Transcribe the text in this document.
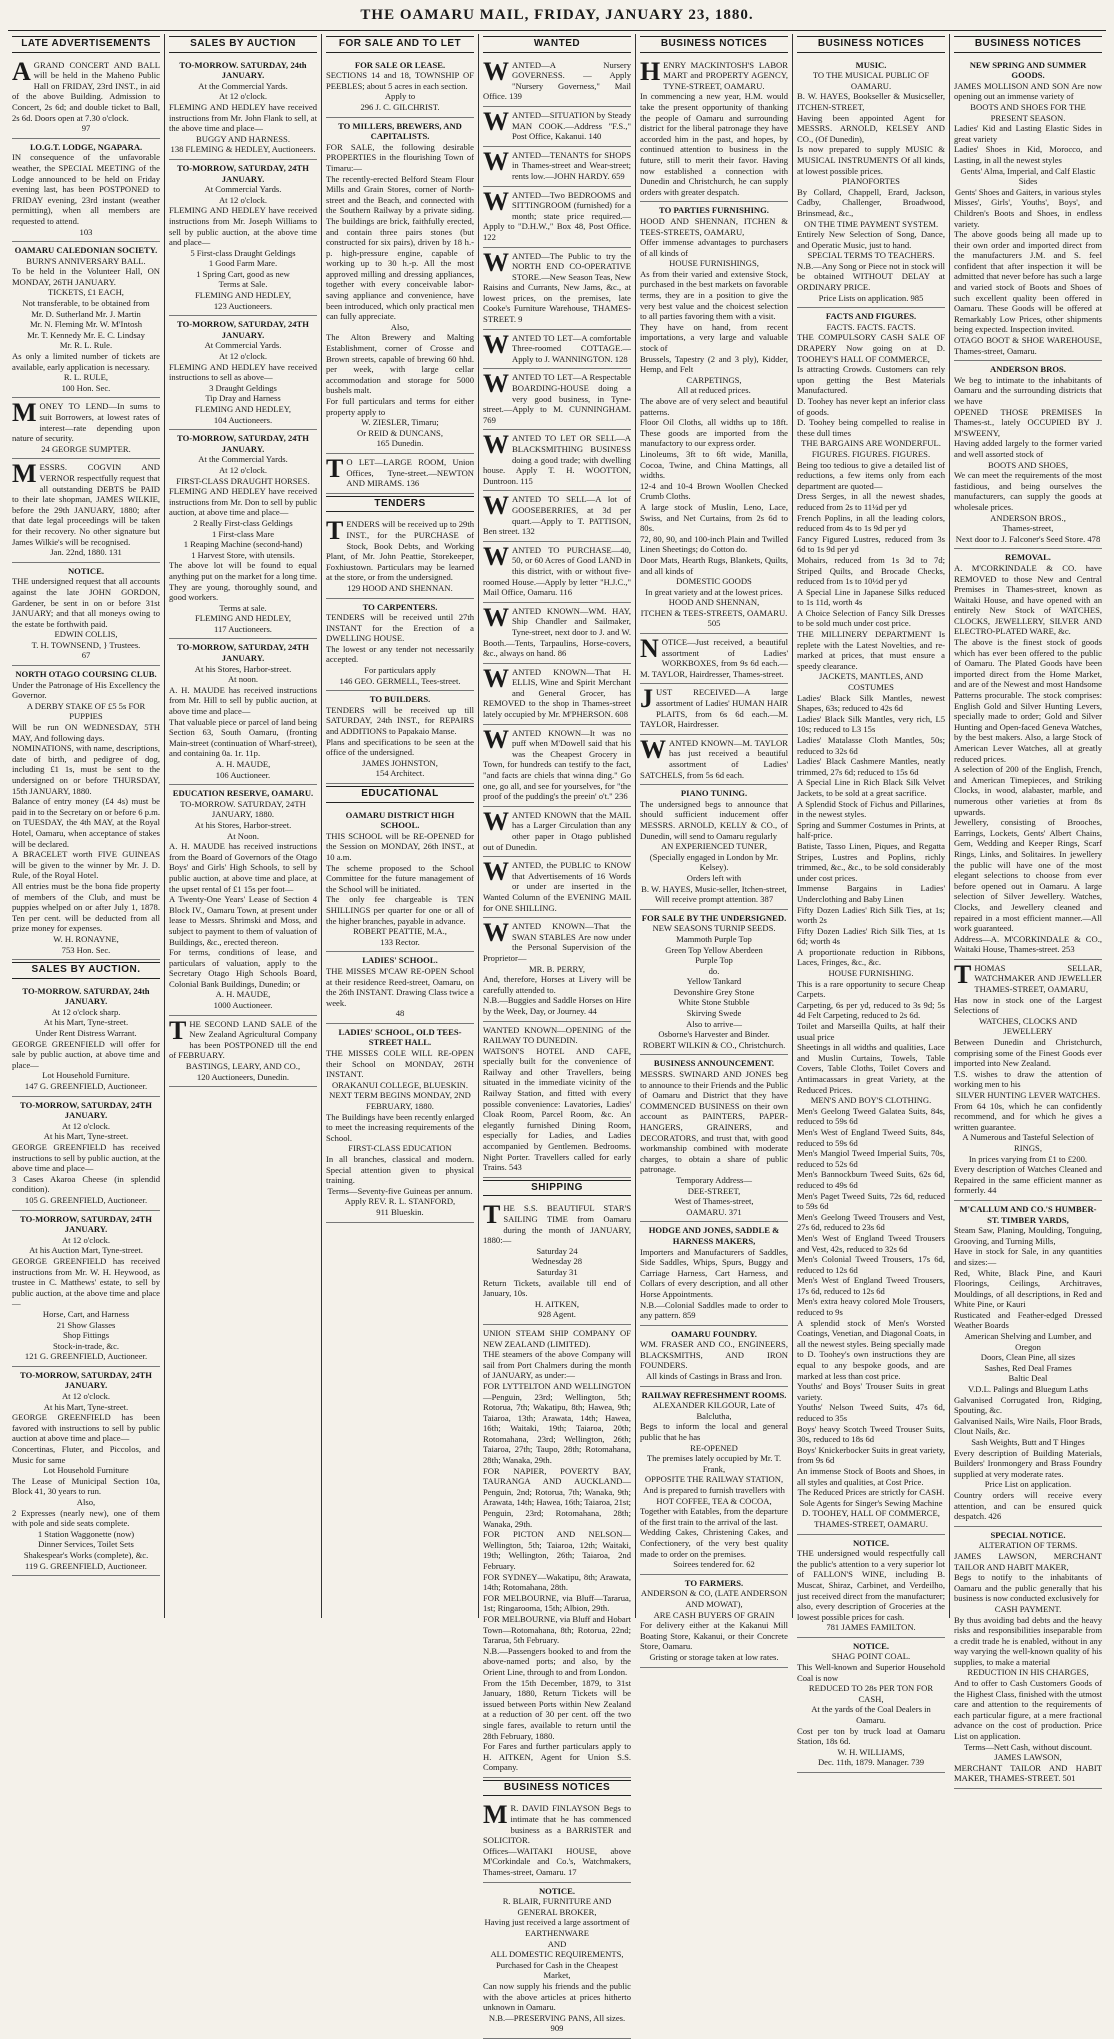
THE OAMARU MAIL, FRIDAY, JANUARY 23, 1880.
LATE ADVERTISEMENTS

A GRAND CONCERT AND BALL will be held in the Maheno Public Hall on FRIDAY, 23rd INST., in aid of the above Building. Admission to Concert, 2s 6d; and double ticket to Ball, 2s 6d. Doors open at 7.30 o'clock.

97

I.O.G.T. LODGE, NGAPARA.

IN consequence of the unfavorable weather, the SPECIAL MEETING of the Lodge announced to be held on Friday evening last, has been POSTPONED to FRIDAY evening, 23rd instant (weather permitting), when all members are requested to attend.

103

OAMARU CALEDONIAN SOCIETY.

BURN'S ANNIVERSARY BALL.

To be held in the Volunteer Hall, ON MONDAY, 26TH JANUARY.

TICKETS, £1 EACH,

Not transferable, to be obtained from

Mr. D. Sutherland Mr. J. Martin

Mr. N. Fleming Mr. W. M'Intosh

Mr. T. Kennedy Mr. E. C. Lindsay

Mr. R. L. Rule.

As only a limited number of tickets are available, early application is necessary.

R. L. RULE,

100 Hon. Sec.

MONEY TO LEND—In sums to suit Borrowers, at lowest rates of interest—rate depending upon nature of security.

24 GEORGE SUMPTER.

MESSRS. COGVIN AND VERNOR respectfully request that all outstanding DEBTS be PAID to their late shopman, JAMES WILKIE, before the 29th JANUARY, 1880; after that date legal proceedings will be taken for their recovery. No other signature but James Wilkie's will be recognised.

Jan. 22nd, 1880. 131

NOTICE.

THE undersigned request that all accounts against the late JOHN GORDON, Gardener, be sent in on or before 31st JANUARY; and that all moneys owing to the estate be forthwith paid.

EDWIN COLLIS,

T. H. TOWNSEND, } Trustees.

67

NORTH OTAGO COURSING CLUB.

Under the Patronage of His Excellency the Governor.

A DERBY STAKE OF £5 5s FOR PUPPIES

Will be run ON WEDNESDAY, 5TH MAY, And following days.

NOMINATIONS, with name, descriptions, date of birth, and pedigree of dog, including £1 1s, must be sent to the undersigned on or before THURSDAY, 15th JANUARY, 1880.

Balance of entry money (£4 4s) must be paid in to the Secretary on or before 6 p.m. on TUESDAY, the 4th MAY, at the Royal Hotel, Oamaru, when acceptance of stakes will be declared.

A BRACELET worth FIVE GUINEAS will be given to the winner by Mr. J. D. Rule, of the Royal Hotel.

All entries must be the bona fide property of members of the Club, and must be puppies whelped on or after July 1, 1878. Ten per cent. will be deducted from all prize money for expenses.

W. H. RONAYNE,

753 Hon. Sec.

SALES BY AUCTION.

TO-MORROW. SATURDAY, 24th JANUARY.

At 12 o'clock sharp.

At his Mart, Tyne-street.

Under Rent Distress Warrant.

GEORGE GREENFIELD will offer for sale by public auction, at above time and place—

Lot Household Furniture.

147 G. GREENFIELD, Auctioneer.

TO-MORROW, SATURDAY, 24TH JANUARY.

At 12 o'clock.

At his Mart, Tyne-street.

GEORGE GREENFIELD has received instructions to sell by public auction, at the above time and place—

3 Cases Akaroa Cheese (in splendid condition).

105 G. GREENFIELD, Auctioneer.

TO-MORROW, SATURDAY, 24TH JANUARY.

At 12 o'clock.

At his Auction Mart, Tyne-street.

GEORGE GREENFIELD has received instructions from Mr. W. H. Heywood, as trustee in C. Matthews' estate, to sell by public auction, at the above time and place—

Horse, Cart, and Harness

21 Show Glasses

Shop Fittings

Stock-in-trade, &c.

121 G. GREENFIELD, Auctioneer.

TO-MORROW, SATURDAY, 24TH JANUARY.

At 12 o'clock.

At his Mart, Tyne-street.

GEORGE GREENFIELD has been favored with instructions to sell by public auction at above time and place—

Concertinas, Fluter, and Piccolos, and Music for same

Lot Household Furniture

The Lease of Municipal Section 10a, Block 41, 30 years to run.

Also,

2 Expresses (nearly new), one of them with pole and side seats complete.

1 Station Waggonette (now)

Dinner Services, Toilet Sets

Shakespear's Works (complete), &c.

119 G. GREENFIELD, Auctioneer.

SALES BY AUCTION

TO-MORROW. SATURDAY, 24th JANUARY.

At the Commercial Yards.

At 12 o'clock.

FLEMING AND HEDLEY have received instructions from Mr. John Flank to sell, at the above time and place—

BUGGY AND HARNESS.

138 FLEMING & HEDLEY, Auctioneers.

TO-MORROW, SATURDAY, 24TH JANUARY.

At Commercial Yards.

At 12 o'clock.

FLEMING AND HEDLEY have received instructions from Mr. Joseph Williams to sell by public auction, at the above time and place—

5 First-class Draught Geldings

1 Good Farm Mare.

1 Spring Cart, good as new

Terms at Sale.

FLEMING AND HEDLEY,

123 Auctioneers.

TO-MORROW, SATURDAY, 24TH JANUARY.

At Commercial Yards.

At 12 o'clock.

FLEMING AND HEDLEY have received instructions to sell as above—

3 Draught Geldings

Tip Dray and Harness

FLEMING AND HEDLEY,

104 Auctioneers.

TO-MORROW, SATURDAY, 24TH JANUARY.

At the Commercial Yards.

At 12 o'clock.

FIRST-CLASS DRAUGHT HORSES.

FLEMING AND HEDLEY have received instructions from Mr. Don to sell by public auction, at above time and place—

2 Really First-class Geldings

1 First-class Mare

1 Reaping Machine (second-hand)

1 Harvest Store, with utensils.

The above lot will be found to equal anything put on the market for a long time. They are young, thoroughly sound, and good workers.

Terms at sale.

FLEMING AND HEDLEY,

117 Auctioneers.

TO-MORROW, SATURDAY, 24TH JANUARY.

At his Stores, Harbor-street.

At noon.

A. H. MAUDE has received instructions from Mr. Hill to sell by public auction, at above time and place—

That valuable piece or parcel of land being Section 63, South Oamaru, (fronting Main-street (continuation of Wharf-street), and containing 0a. 1r. 11p.

A. H. MAUDE,

106 Auctioneer.

EDUCATION RESERVE, OAMARU.

TO-MORROW. SATURDAY, 24TH JANUARY, 1880.

At his Stores, Harbor-street.

At Noon.

A. H. MAUDE has received instructions from the Board of Governors of the Otago Boys' and Girls' High Schools, to sell by public auction, at above time and place, at the upset rental of £1 15s per foot—

A Twenty-One Years' Lease of Section 4 Block IV., Oamaru Town, at present under lease to Messrs. Shrimski and Moss, and subject to payment to them of valuation of Buildings, &c., erected thereon.

For terms, conditions of lease, and particulars of valuation, apply to the Secretary Otago High Schools Board, Colonial Bank Buildings, Dunedin; or

A. H. MAUDE,

1000 Auctioneer.

THE SECOND LAND SALE of the New Zealand Agricultural Company has been POSTPONED till the end of FEBRUARY.

BASTINGS, LEARY, AND CO.,

120 Auctioneers, Dunedin.

FOR SALE AND TO LET

FOR SALE OR LEASE.

SECTIONS 14 and 18, TOWNSHIP OF PEEBLES; about 5 acres in each section.

Apply to

296 J. C. GILCHRIST.

TO MILLERS, BREWERS, AND CAPITALISTS.

FOR SALE, the following desirable PROPERTIES in the flourishing Town of Timaru:—

The recently-erected Belford Steam Flour Mills and Grain Stores, corner of North-street and the Beach, and connected with the Southern Railway by a private siding. The buildings are brick, faithfully erected, and contain three pairs stones (but constructed for six pairs), driven by 18 h.-p. high-pressure engine, capable of working up to 30 h.-p. All the most approved milling and dressing appliances, together with every conceivable labor-saving appliance and convenience, have been introduced, which only practical men can fully appreciate.

Also,

The Alton Brewery and Malting Establishment, corner of Crosse and Brown streets, capable of brewing 60 hhd. per week, with large cellar accommodation and storage for 5000 bushels malt.

For full particulars and terms for either property apply to

W. ZIESLER, Timaru;

Or REID & DUNCANS,

165 Dunedin.

T O LET—LARGE ROOM, Union Offices, Tyne-street.—NEWTON AND MIRAMS. 136

TENDERS

TENDERS will be received up to 29th INST., for the PURCHASE of Stock, Book Debts, and Working Plant, of Mr. John Peattie, Storekeeper, Foxhiustown. Particulars may be learned at the store, or from the undersigned.

129 HOOD AND SHENNAN.

TO CARPENTERS.

TENDERS will be received until 27th INSTANT for the Erection of a DWELLING HOUSE.

The lowest or any tender not necessarily accepted.

For particulars apply

146 GEO. GERMELL, Tees-street.

TO BUILDERS.

TENDERS will be received up till SATURDAY, 24th INST., for REPAIRS and ADDITIONS to Papakaio Manse.

Plans and specifications to be seen at the office of the undersigned.

JAMES JOHNSTON,

154 Architect.

EDUCATIONAL

OAMARU DISTRICT HIGH SCHOOL.

THIS SCHOOL will be RE-OPENED for the Session on MONDAY, 26th INST., at 10 a.m.

The scheme proposed to the School Committee for the future management of the School will be initiated.

The only fee chargeable is TEN SHILLINGS per quarter for one or all of the higher branches, payable in advance.

ROBERT PEATTIE, M.A.,

133 Rector.

LADIES' SCHOOL.

THE MISSES M'CAW RE-OPEN School at their residence Reed-street, Oamaru, on the 26th INSTANT. Drawing Class twice a week.

48

LADIES' SCHOOL, OLD TEES-STREET HALL.

THE MISSES COLE WILL RE-OPEN their School on MONDAY, 26TH INSTANT.

ORAKANUI COLLEGE, BLUESKIN.

NEXT TERM BEGINS MONDAY, 2ND FEBRUARY, 1880.

The Buildings have been recently enlarged to meet the increasing requirements of the School.

FIRST-CLASS EDUCATION

In all branches, classical and modern. Special attention given to physical training.

Terms—Seventy-five Guineas per annum.

Apply REV. R. L. STANFORD,

911 Blueskin.

WANTED

WANTED—A Nursery GOVERNESS. — Apply "Nursery Governess," Mail Office. 139

WANTED—SITUATION by Steady MAN COOK.—Address "F.S.," Post Office, Kakanui. 140

WANTED—TENANTS for SHOPS in Thames-street and Wear-street; rents low.—JOHN HARDY. 659

WANTED—Two BEDROOMS and SITTINGROOM (furnished) for a month; state price required.—Apply to "D.H.W.," Box 48, Post Office. 122

WANTED—The Public to try the NORTH END CO-OPERATIVE STORE.—New Season Teas, New Raisins and Currants, New Jams, &c., at lowest prices, on the premises, late Cooke's Furniture Warehouse, THAMES-STREET. 9

WANTED TO LET—A comfortable Three-roomed COTTAGE.—Apply to J. WANNINGTON. 128

WANTED TO LET—A Respectable BOARDING-HOUSE doing a very good business, in Tyne-street.—Apply to M. CUNNINGHAM. 769

WANTED TO LET OR SELL—A BLACKSMITHING BUSINESS doing a good trade; with dwelling house. Apply T. H. WOOTTON, Duntroon. 115

WANTED TO SELL—A lot of GOOSEBERRIES, at 3d per quart.—Apply to T. PATTISON, Ben street. 132

WANTED TO PURCHASE—40, 50, or 60 Acres of Good LAND in this district, with or without five-roomed House.—Apply by letter "H.J.C.," Mail Office, Oamaru. 116

WANTED KNOWN—WM. HAY, Ship Chandler and Sailmaker, Tyne-street, next door to J. and W. Booth.—Tents, Tarpaulins, Horse-covers, &c., always on hand. 86

WANTED KNOWN—That H. ELLIS, Wine and Spirit Merchant and General Grocer, has REMOVED to the shop in Thames-street lately occupied by Mr. M'PHERSON. 608

WANTED KNOWN—It was no puff when M'Dowell said that his was the Cheapest Grocery in Town, for hundreds can testify to the fact, "and facts are chiels that winna ding." Go one, go all, and see for yourselves, for "the proof of the pudding's the preein' o't." 236

WANTED KNOWN that the MAIL has a Larger Circulation than any other paper in Otago published out of Dunedin.

WANTED, the PUBLIC to KNOW that Advertisements of 16 Words or under are inserted in the Wanted Column of the EVENING MAIL for ONE SHILLING.

WANTED KNOWN—That the SWAN STABLES Are now under the Personal Supervision of the Proprietor—

MR. B. PERRY,

And, therefore, Horses at Livery will be carefully attended to.

N.B.—Buggies and Saddle Horses on Hire by the Week, Day, or Journey. 44

WANTED KNOWN—OPENING of the RAILWAY TO DUNEDIN.

WATSON'S HOTEL AND CAFE, specially built for the convenience of Railway and other Travellers, being situated in the immediate vicinity of the Railway Station, and fitted with every possible convenience: Lavatories, Ladies' Cloak Room, Parcel Room, &c. An elegantly furnished Dining Room, especially for Ladies, and Ladies accompanied by Gentlemen. Bedrooms. Night Porter. Travellers called for early Trains. 543

SHIPPING

THE S.S. BEAUTIFUL STAR'S SAILING TIME from Oamaru during the month of JANUARY, 1880:—

Saturday 24

Wednesday 28

Saturday 31

Return Tickets, available till end of January, 10s.

H. AITKEN,

928 Agent.

UNION STEAM SHIP COMPANY OF NEW ZEALAND (LIMITED).

THE steamers of the above Company will sail from Port Chalmers during the month of JANUARY, as under:—

FOR LYTTELTON AND WELLINGTON —Penguin, 23rd; Wellington, 5th; Rotorua, 7th; Wakatipu, 8th; Hawea, 9th; Taiaroa, 13th; Arawata, 14th; Hawea, 16th; Waitaki, 19th; Taiaroa, 20th; Rotomahana, 23rd; Wellington, 26th; Taiaroa, 27th; Taupo, 28th; Rotomahana, 28th; Wanaka, 29th.

FOR NAPIER, POVERTY BAY, TAURANGA AND AUCKLAND—Penguin, 2nd; Rotorua, 7th; Wanaka, 9th; Arawata, 14th; Hawea, 16th; Taiaroa, 21st; Penguin, 23rd; Rotomahana, 28th; Wanaka, 29th.

FOR PICTON AND NELSON—Wellington, 5th; Taiaroa, 12th; Waitaki, 19th; Wellington, 26th; Taiaroa, 2nd February.

FOR SYDNEY—Wakatipu, 8th; Arawata, 14th; Rotomahana, 28th.

FOR MELBOURNE, via Bluff—Tararua, 1st; Ringarooma, 15th; Albion, 29th.

FOR MELBOURNE, via Bluff and Hobart Town—Rotomahana, 8th; Rotorua, 22nd; Tararua, 5th February.

N.B.—Passengers booked to and from the above-named ports; and also, by the Orient Line, through to and from London.

From the 15th December, 1879, to 31st January, 1880, Return Tickets will be issued between Ports within New Zealand at a reduction of 30 per cent. off the two single fares, available to return until the 28th February, 1880.

For Fares and further particulars apply to H. AITKEN, Agent for Union S.S. Company.

BUSINESS NOTICES

M R. DAVID FINLAYSON Begs to intimate that he has commenced business as a BARRISTER and SOLICITOR.

Offices—WAITAKI HOUSE, above M'Corkindale and Co.'s, Watchmakers, Thames-street, Oamaru. 17

NOTICE.

R. BLAIR, FURNITURE AND GENERAL BROKER,

Having just received a large assortment of

EARTHENWARE

AND

ALL DOMESTIC REQUIREMENTS,

Purchased for Cash in the Cheapest Market,

Can now supply his friends and the public with the above articles at prices hitherto unknown in Oamaru.

N.B.—PRESERVING PANS, All sizes. 909

BUSINESS NOTICES

HENRY MACKINTOSH'S LABOR MART and PROPERTY AGENCY, TYNE-STREET, OAMARU.

In commencing a new year, H.M. would take the present opportunity of thanking the people of Oamaru and surrounding district for the liberal patronage they have accorded him in the past, and hopes, by continued attention to business in the future, still to merit their favor. Having now established a connection with Dunedin and Christchurch, he can supply orders with greater despatch.

TO PARTIES FURNISHING.

HOOD AND SHENNAN, ITCHEN & TEES-STREETS, OAMARU,

Offer immense advantages to purchasers of all kinds of

HOUSE FURNISHINGS,

As from their varied and extensive Stock, purchased in the best markets on favorable terms, they are in a position to give the very best value and the choicest selection to all parties favoring them with a visit.

They have on hand, from recent importations, a very large and valuable stock of

Brussels, Tapestry (2 and 3 ply), Kidder, Hemp, and Felt

CARPETINGS,

All at reduced prices.

The above are of very select and beautiful patterns.

Floor Oil Cloths, all widths up to 18ft. These goods are imported from the manufactory to our express order.

Linoleums, 3ft to 6ft wide, Manilla, Cocoa, Twine, and China Mattings, all widths.

12-4 and 10-4 Brown Woollen Checked Crumb Cloths.

A large stock of Muslin, Leno, Lace, Swiss, and Net Curtains, from 2s 6d to 80s.

72, 80, 90, and 100-inch Plain and Twilled Linen Sheetings; do Cotton do.

Door Mats, Hearth Rugs, Blankets, Quilts, and all kinds of

DOMESTIC GOODS

In great variety and at the lowest prices.

HOOD AND SHENNAN,

ITCHEN & TEES-STREETS, OAMARU. 505

NOTICE—Just received, a beautiful assortment of Ladies' WORKBOXES, from 9s 6d each.—M. TAYLOR, Hairdresser, Thames-street.

JUST RECEIVED—A large assortment of Ladies' HUMAN HAIR PLAITS, from 6s 6d each.—M. TAYLOR, Hairdresser.

WANTED KNOWN—M. TAYLOR has just received a beautiful assortment of Ladies' SATCHELS, from 5s 6d each.

PIANO TUNING.

The undersigned begs to announce that should sufficient inducement offer MESSRS. ARNOLD, KELLY & CO., of Dunedin, will send to Oamaru regularly

AN EXPERIENCED TUNER,

(Specially engaged in London by Mr. Kelsey).

Orders left with

B. W. HAYES, Music-seller, Itchen-street,

Will receive prompt attention. 387

FOR SALE BY THE UNDERSIGNED.

NEW SEASONS TURNIP SEEDS.

Mammoth Purple Top

Green Top Yellow Aberdeen

Purple Top

do.

Yellow Tankard

Devonshire Grey Stone

White Stone Stubble

Skirving Swede

Also to arrive—

Osborne's Harvester and Binder.

ROBERT WILKIN & CO., Christchurch.

BUSINESS ANNOUNCEMENT.

MESSRS. SWINARD AND JONES beg to announce to their Friends and the Public of Oamaru and District that they have COMMENCED BUSINESS on their own account as PAINTERS, PAPER-HANGERS, GRAINERS, and DECORATORS, and trust that, with good workmanship combined with moderate charges, to obtain a share of public patronage.

Temporary Address—

DEE-STREET,

West of Thames-street,

OAMARU. 371

HODGE AND JONES, SADDLE & HARNESS MAKERS,

Importers and Manufacturers of Saddles, Side Saddles, Whips, Spurs, Buggy and Carriage Harness, Cart Harness, and Collars of every description, and all other Horse Appointments.

N.B.—Colonial Saddles made to order to any pattern. 859

OAMARU FOUNDRY.

WM. FRASER AND CO., ENGINEERS, BLACKSMITHS, AND IRON FOUNDERS.

All kinds of Castings in Brass and Iron.

RAILWAY REFRESHMENT ROOMS.

ALEXANDER KILGOUR, Late of Balclutha,

Begs to inform the local and general public that he has

RE-OPENED

The premises lately occupied by Mr. T. Frank,

OPPOSITE THE RAILWAY STATION,

And is prepared to furnish travellers with

HOT COFFEE, TEA & COCOA,

Together with Eatables, from the departure of the first train to the arrival of the last.

Wedding Cakes, Christening Cakes, and Confectionery, of the very best quality made to order on the premises.

Soirees tendered for. 62

TO FARMERS.

ANDERSON & CO, (LATE ANDERSON AND MOWAT),

ARE CASH BUYERS OF GRAIN

For delivery either at the Kakanui Mill Boating Store, Kakanui, or their Concrete Store, Oamaru.

Gristing or storage taken at low rates.

BUSINESS NOTICES

MUSIC.

TO THE MUSICAL PUBLIC OF OAMARU.

B. W. HAYES, Bookseller & Musicseller, ITCHEN-STREET,

Having been appointed Agent for MESSRS. ARNOLD, KELSEY AND CO., (Of Dunedin),

Is now prepared to supply MUSIC & MUSICAL INSTRUMENTS Of all kinds, at lowest possible prices.

PIANOFORTES

By Collard, Chappell, Erard, Jackson, Cadby, Challenger, Broadwood, Brinsmead, &c.,

ON THE TIME PAYMENT SYSTEM.

Entirely New Selection of Song, Dance, and Operatic Music, just to hand.

SPECIAL TERMS TO TEACHERS.

N.B.—Any Song or Piece not in stock will be obtained WITHOUT DELAY at ORDINARY PRICE.

Price Lists on application. 985

FACTS AND FIGURES.

FACTS. FACTS. FACTS.

THE COMPULSORY CASH SALE OF DRAPERY Now going on at D. TOOHEY'S HALL OF COMMERCE,

Is attracting Crowds. Customers can rely upon getting the Best Materials Manufactured.

D. Toohey has never kept an inferior class of goods.

D. Toohey being compelled to realise in these dull times

THE BARGAINS ARE WONDERFUL.

FIGURES. FIGURES. FIGURES.

Being too tedious to give a detailed list of reductions, a few items only from each department are quoted—

Dress Serges, in all the newest shades, reduced from 2s to 11¼d per yd

French Poplins, in all the leading colors, reduced from 4s to 1s 9d per yd

Fancy Figured Lustres, reduced from 3s 6d to 1s 9d per yd

Mohairs, reduced from 1s 3d to 7d; Striped Quilts, and Brocade Checks, reduced from 1s to 10½d per yd

A Special Line in Japanese Silks reduced to 1s 11d, worth 4s

A Choice Selection of Fancy Silk Dresses to be sold much under cost price.

THE MILLINERY DEPARTMENT Is replete with the Latest Novelties, and re-marked at prices, that must ensure a speedy clearance.

JACKETS, MANTLES, AND COSTUMES

Ladies' Black Silk Mantles, newest Shapes, 63s; reduced to 42s 6d

Ladies' Black Silk Mantles, very rich, L5 10s; reduced to L3 15s

Ladies' Matalasse Cloth Mantles, 50s; reduced to 32s 6d

Ladies' Black Cashmere Mantles, neatly trimmed, 27s 6d; reduced to 15s 6d

A Special Line in Rich Black Silk Velvet Jackets, to be sold at a great sacrifice.

A Splendid Stock of Fichus and Pillarines, in the newest styles.

Spring and Summer Costumes in Prints, at half-price.

Batiste, Tasso Linen, Piques, and Regatta Stripes, Lustres and Poplins, richly trimmed, &c., &c., to be sold considerably under cost prices.

Immense Bargains in Ladies' Underclothing and Baby Linen

Fifty Dozen Ladies' Rich Silk Ties, at 1s; worth 2s

Fifty Dozen Ladies' Rich Silk Ties, at 1s 6d; worth 4s

A proportionate reduction in Ribbons, Laces, Fringes, &c., &c.

HOUSE FURNISHING.

This is a rare opportunity to secure Cheap Carpets.

Carpeting, 6s per yd, reduced to 3s 9d; 5s 4d Felt Carpeting, reduced to 2s 6d.

Toilet and Marseilla Quilts, at half their usual price

Sheetings in all widths and qualities, Lace and Muslin Curtains, Towels, Table Covers, Table Cloths, Toilet Covers and Antimacassars in great Variety, at the Reduced Prices.

MEN'S AND BOY'S CLOTHING.

Men's Geelong Tweed Galatea Suits, 84s, reduced to 59s 6d

Men's West of England Tweed Suits, 84s, reduced to 59s 6d

Men's Mangiol Tweed Imperial Suits, 70s, reduced to 52s 6d

Men's Bannockburn Tweed Suits, 62s 6d, reduced to 49s 6d

Men's Paget Tweed Suits, 72s 6d, reduced to 59s 6d

Men's Geelong Tweed Trousers and Vest, 27s 6d, reduced to 23s 6d

Men's West of England Tweed Trousers and Vest, 42s, reduced to 32s 6d

Men's Colonial Tweed Trousers, 17s 6d, reduced to 12s 6d

Men's West of England Tweed Trousers, 17s 6d, reduced to 12s 6d

Men's extra heavy colored Mole Trousers, reduced to 9s

A splendid stock of Men's Worsted Coatings, Venetian, and Diagonal Coats, in all the newest styles. Being specially made to D. Toohey's own instructions they are equal to any bespoke goods, and are marked at less than cost price.

Youths' and Boys' Trouser Suits in great variety.

Youths' Nelson Tweed Suits, 47s 6d, reduced to 35s

Boys' heavy Scotch Tweed Trouser Suits, 30s, reduced to 18s 6d

Boys' Knickerbocker Suits in great variety, from 9s 6d

An immense Stock of Boots and Shoes, in all styles and qualities, at Cost Price.

The Reduced Prices are strictly for CASH.

Sole Agents for Singer's Sewing Machine

D. TOOHEY, HALL OF COMMERCE,

THAMES-STREET, OAMARU.

NOTICE.

THE undersigned would respectfully call the public's attention to a very superior lot of FALLON'S WINE, including B. Muscat, Shiraz, Carbinet, and Verdeilho, just received direct from the manufacturer; also, every description of Groceries at the lowest possible prices for cash.

781 JAMES FAMILTON.

NOTICE.

SHAG POINT COAL.

This Well-known and Superior Household Coal is now

REDUCED TO 28s PER TON FOR CASH,

At the yards of the Coal Dealers in Oamaru.

Cost per ton by truck load at Oamaru Station, 18s 6d.

W. H. WILLIAMS,

Dec. 11th, 1879. Manager. 739

BUSINESS NOTICES

NEW SPRING AND SUMMER GOODS.

JAMES MOLLISON AND SON Are now opening out an immense variety of

BOOTS AND SHOES FOR THE PRESENT SEASON.

Ladies' Kid and Lasting Elastic Sides in great variety

Ladies' Shoes in Kid, Morocco, and Lasting, in all the newest styles

Gents' Alma, Imperial, and Calf Elastic Sides

Gents' Shoes and Gaiters, in various styles

Misses', Girls', Youths', Boys', and Children's Boots and Shoes, in endless variety.

The above goods being all made up to their own order and imported direct from the manufacturers J.M. and S. feel confident that after inspection it will be admitted that never before has such a large and varied stock of Boots and Shoes of such excellent quality been offered in Oamaru. These Goods will be offered at Remarkably Low Prices, other shipments being expected. Inspection invited.

OTAGO BOOT & SHOE WAREHOUSE, Thames-street, Oamaru.

ANDERSON BROS.

We beg to intimate to the inhabitants of Oamaru and the surrounding districts that we have

OPENED THOSE PREMISES In Thames-st., lately OCCUPIED BY J. M'SWEENY,

Having added largely to the former varied and well assorted stock of

BOOTS AND SHOES,

We can meet the requirements of the most fastidious, and being ourselves the manufacturers, can supply the goods at wholesale prices.

ANDERSON BROS.,

Thames-street,

Next door to J. Falconer's Seed Store. 478

REMOVAL.

A. M'CORKINDALE & CO. have REMOVED to those New and Central Premises in Thames-street, known as Waitaki House, and have opened with an entirely New Stock of WATCHES, CLOCKS, JEWELLERY, SILVER AND ELECTRO-PLATED WARE, &c.

The above is the finest stock of goods which has ever been offered to the public of Oamaru. The Plated Goods have been imported direct from the Home Market, and are of the Newest and most Handsome Patterns procurable. The stock comprises: English Gold and Silver Hunting Levers, specially made to order; Gold and Silver Hunting and Open-faced Geneva Watches, by the best makers. Also, a large Stock of American Lever Watches, all at greatly reduced prices.

A selection of 200 of the English, French, and American Timepieces, and Striking Clocks, in wood, alabaster, marble, and numerous other varieties at from 8s upwards.

Jewellery, consisting of Brooches, Earrings, Lockets, Gents' Albert Chains, Gem, Wedding and Keeper Rings, Scarf Rings, Links, and Solitaires. In jewellery the public will have one of the most elegant selections to choose from ever before opened out in Oamaru. A large selection of Silver Jewellery. Watches, Clocks, and Jewellery cleaned and repaired in a most efficient manner.—All work guaranteed.

Address—A. M'CORKINDALE & CO., Waitaki House, Thames-street. 253

THOMAS SELLAR, WATCHMAKER AND JEWELLER THAMES-STREET, OAMARU,

Has now in stock one of the Largest Selections of

WATCHES, CLOCKS AND JEWELLERY

Between Dunedin and Christchurch, comprising some of the Finest Goods ever imported into New Zealand.

T.S. wishes to draw the attention of working men to his

SILVER HUNTING LEVER WATCHES.

From 64 10s, which he can confidently recommend, and for which he gives a written guarantee.

A Numerous and Tasteful Selection of RINGS,

In prices varying from £1 to £200.

Every description of Watches Cleaned and Repaired in the same efficient manner as formerly. 44

M'CALLUM AND CO.'S HUMBER-ST. TIMBER YARDS,

Steam Saw, Planing, Moulding, Tonguing, Grooving, and Turning Mills,

Have in stock for Sale, in any quantities and sizes:—

Red, White, Black Pine, and Kauri Floorings, Ceilings, Architraves, Mouldings, of all descriptions, in Red and White Pine, or Kauri

Rusticated and Feather-edged Dressed Weather Boards

American Shelving and Lumber, and Oregon

Doors, Clean Pine, all sizes

Sashes, Red Deal Frames

Baltic Deal

V.D.L. Palings and Bluegum Laths

Galvanised Corrugated Iron, Ridging, Spouting, &c.

Galvanised Nails, Wire Nails, Floor Brads, Clout Nails, &c.

Sash Weights, Butt and T Hinges

Every description of Building Materials, Builders' Ironmongery and Brass Foundry supplied at very moderate rates.

Price List on application.

Country orders will receive every attention, and can be ensured quick despatch. 426

SPECIAL NOTICE.

ALTERATION OF TERMS.

JAMES LAWSON, MERCHANT TAILOR AND HABIT MAKER,

Begs to notify to the inhabitants of Oamaru and the public generally that his business is now conducted exclusively for

CASH PAYMENT.

By thus avoiding bad debts and the heavy risks and responsibilities inseparable from a credit trade he is enabled, without in any way varying the well-known quality of his supplies, to make a material

REDUCTION IN HIS CHARGES,

And to offer to Cash Customers Goods of the Highest Class, finished with the utmost care and attention to the requirements of each particular figure, at a mere fractional advance on the cost of production. Price List on application.

Terms—Nett Cash, without discount.

JAMES LAWSON,

MERCHANT TAILOR AND HABIT MAKER, THAMES-STREET. 501
